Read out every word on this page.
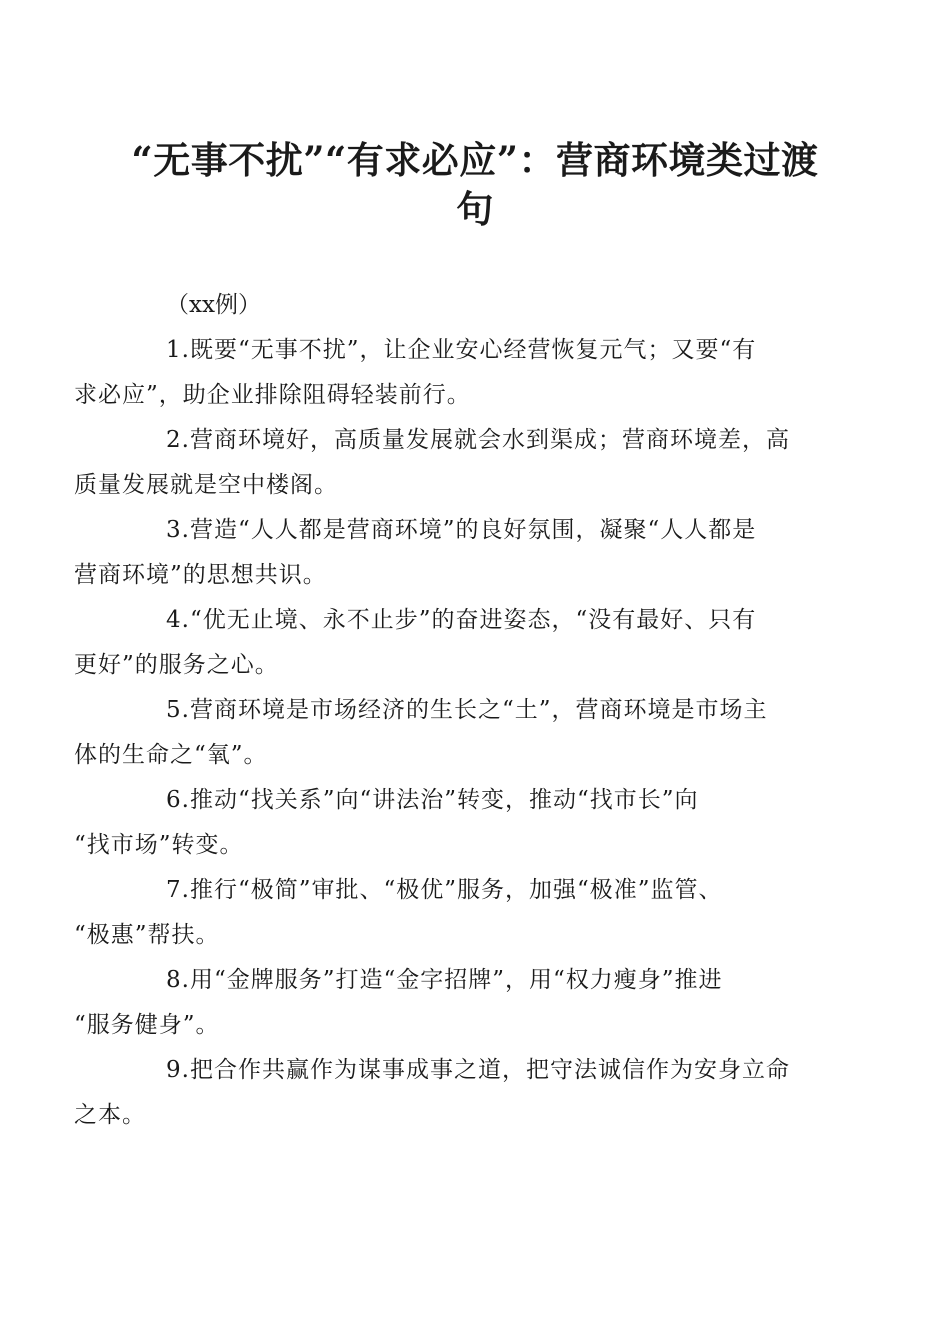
“无事不扰”“有求必应”：营商环境类过渡
句

（xx例）

1.既要“无事不扰”，让企业安心经营恢复元气；又要“有
求必应”，助企业排除阻碍轻装前行。

2.营商环境好，高质量发展就会水到渠成；营商环境差，高
质量发展就是空中楼阁。

3.营造“人人都是营商环境”的良好氛围，凝聚“人人都是
营商环境”的思想共识。

4.“优无止境、永不止步”的奋进姿态，“没有最好、只有
更好”的服务之心。

5.营商环境是市场经济的生长之“土”，营商环境是市场主
体的生命之“氧”。

6.推动“找关系”向“讲法治”转变，推动“找市长”向
“找市场”转变。

7.推行“极简”审批、“极优”服务，加强“极准”监管、
“极惠”帮扶。

8.用“金牌服务”打造“金字招牌”，用“权力瘦身”推进
“服务健身”。

9.把合作共赢作为谋事成事之道，把守法诚信作为安身立命
之本。
